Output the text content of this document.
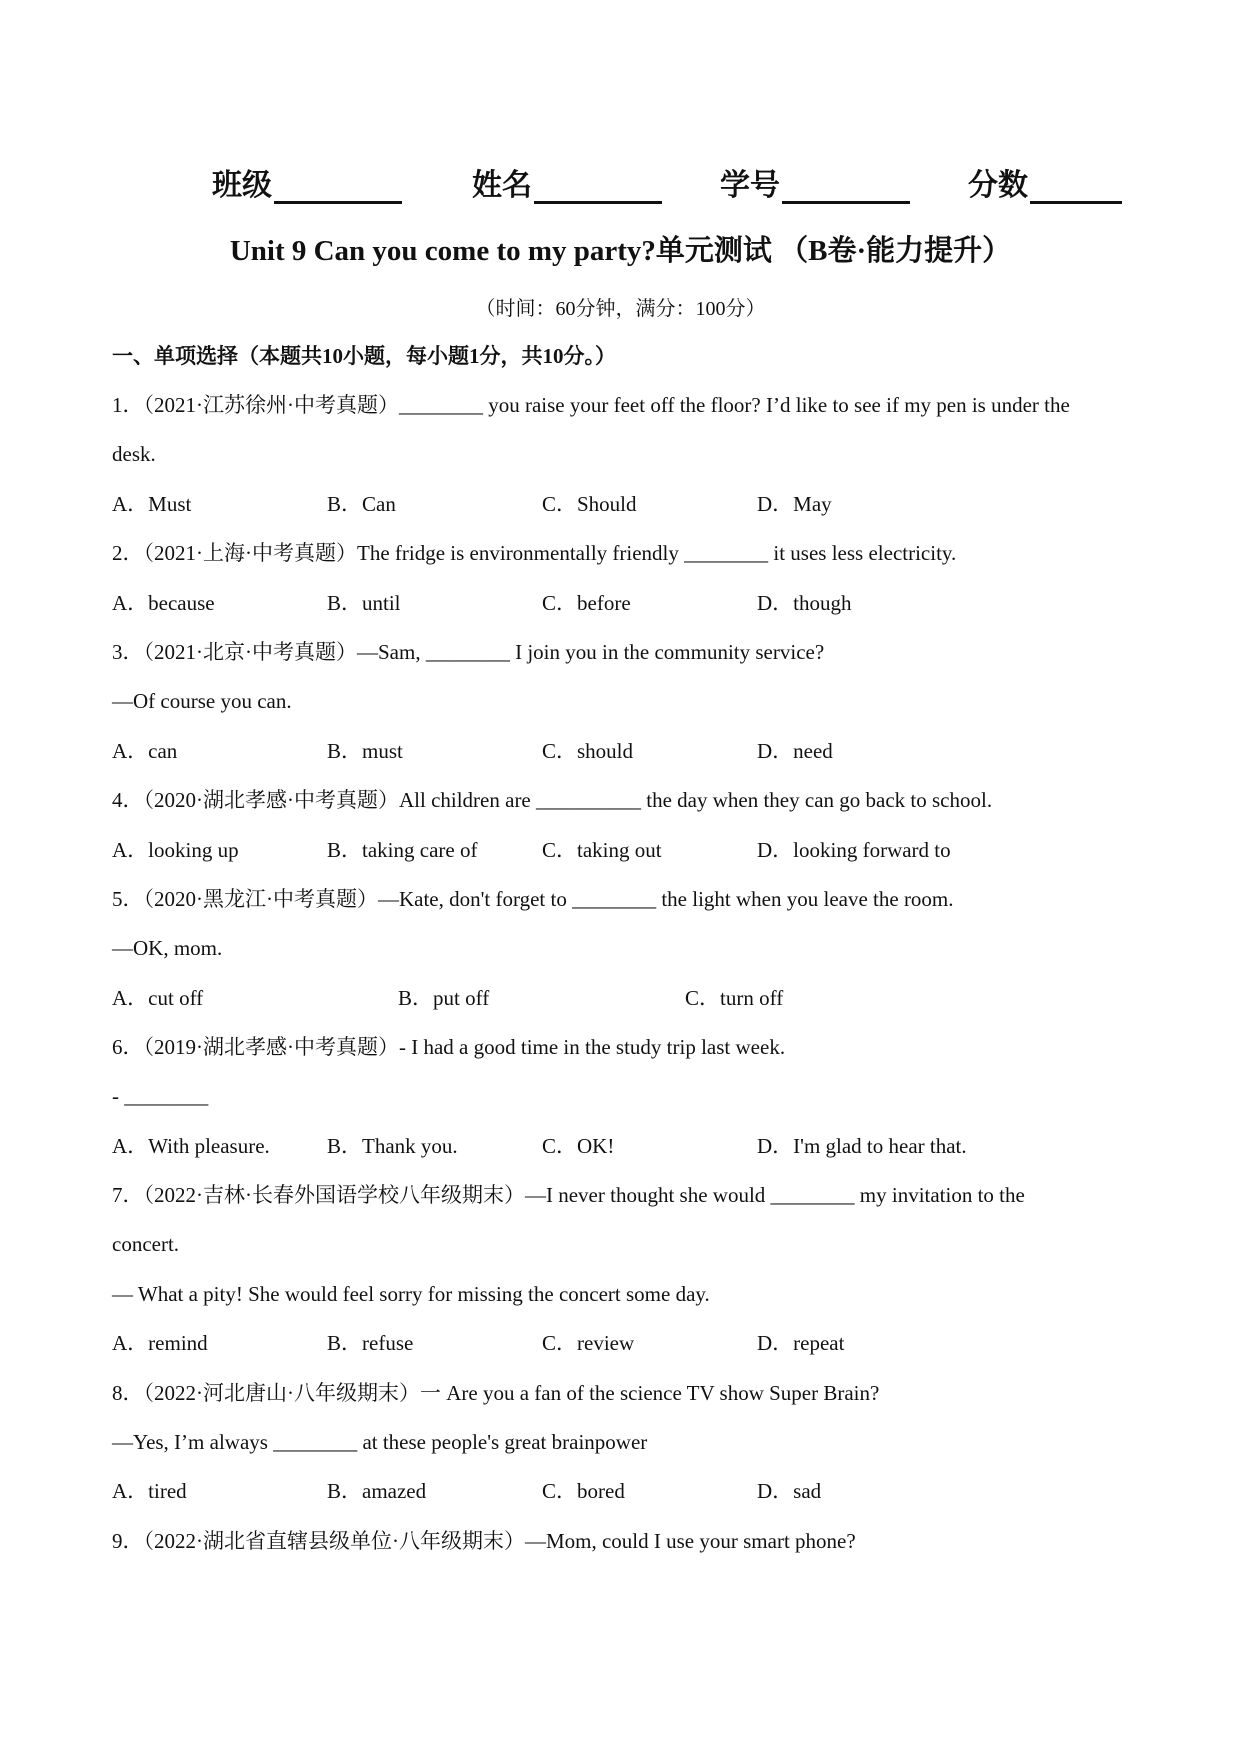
班级	姓名	学号	分数
Unit 9 Can you come to my party?单元测试 （B卷·能力提升）
（时间：60分钟，满分：100分）
一、单项选择（本题共10小题，每小题1分，共10分。）
1．（2021·江苏徐州·中考真题）________ you raise your feet off the floor? I’d like to see if my pen is under the
desk.
A．Must	B．Can	C．Should	D．May
2．（2021·上海·中考真题）The fridge is environmentally friendly ________ it uses less electricity.
A．because	B．until	C．before	D．though
3．（2021·北京·中考真题）—Sam, ________ I join you in the community service?
—Of course you can.
A．can	B．must	C．should	D．need
4．（2020·湖北孝感·中考真题）All children are __________ the day when they can go back to school.
A．looking up	B．taking care of	C．taking out	D．looking forward to
5．（2020·黑龙江·中考真题）—Kate, don't forget to ________ the light when you leave the room.
—OK, mom.
A．cut off	B．put off	C．turn off
6．（2019·湖北孝感·中考真题）- I had a good time in the study trip last week.
- ________
A．With pleasure.	B．Thank you.	C．OK!	D．I'm glad to hear that.
7．（2022·吉林·长春外国语学校八年级期末）—I never thought she would ________ my invitation to the
concert.
— What a pity! She would feel sorry for missing the concert some day.
A．remind	B．refuse	C．review	D．repeat
8．（2022·河北唐山·八年级期末）一 Are you a fan of the science TV show Super Brain?
—Yes, I’m always ________ at these people's great brainpower
A．tired	B．amazed	C．bored	D．sad
9．（2022·湖北省直辖县级单位·八年级期末）—Mom, could I use your smart phone?
